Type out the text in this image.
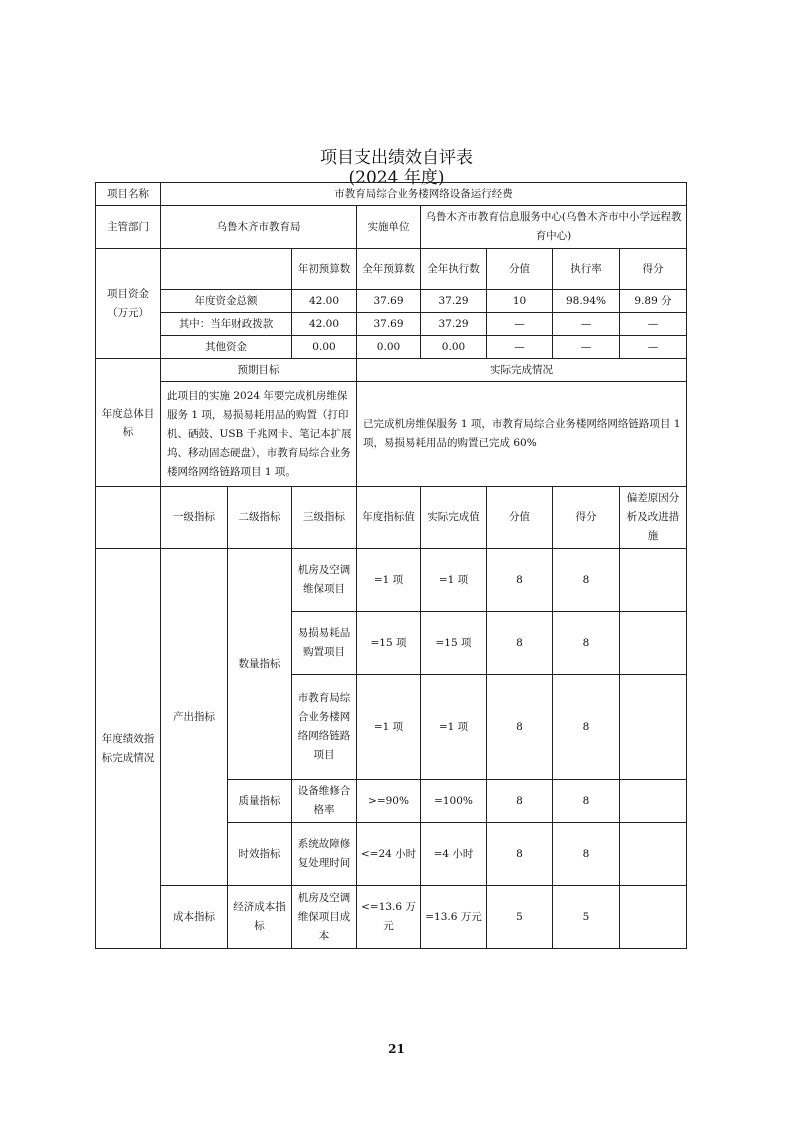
项目支出绩效自评表
(2024 年度)
项目名称	市教育局综合业务楼网络设备运行经费							
主管部门	乌鲁木齐市教育局			实施单位	乌鲁木齐市教育信息服务中心(乌鲁木齐市中小学远程教育中心)			
项目资金（万元）			年初预算数	全年预算数	全年执行数	分值	执行率	得分
	年度资金总额		42.00	37.69	37.29	10	98.94%	9.89 分
	其中：当年财政拨款		42.00	37.69	37.29	—	—	—
	其他资金		0.00	0.00	0.00	—	—	—
年度总体目标	预期目标			实际完成情况				
	此项目的实施 2024 年要完成机房维保服务 1 项，易损易耗用品的购置（打印机、硒鼓、USB 千兆网卡、笔记本扩展坞、移动固态硬盘），市教育局综合业务楼网络网络链路项目 1 项。			已完成机房维保服务 1 项，市教育局综合业务楼网络网络链路项目 1 项，易损易耗用品的购置已完成 60%				
	一级指标	二级指标	三级指标	年度指标值	实际完成值	分值	得分	偏差原因分析及改进措施
年度绩效指标完成情况	产出指标	数量指标	机房及空调维保项目	=1 项	=1 项	8	8	
			易损易耗品购置项目	=15 项	=15 项	8	8	
			市教育局综合业务楼网络网络链路项目	=1 项	=1 项	8	8	
		质量指标	设备维修合格率	>=90%	=100%	8	8	
		时效指标	系统故障修复处理时间	<=24 小时	=4 小时	8	8	
	成本指标	经济成本指标	机房及空调维保项目成本	<=13.6 万元	=13.6 万元	5	5	
21
